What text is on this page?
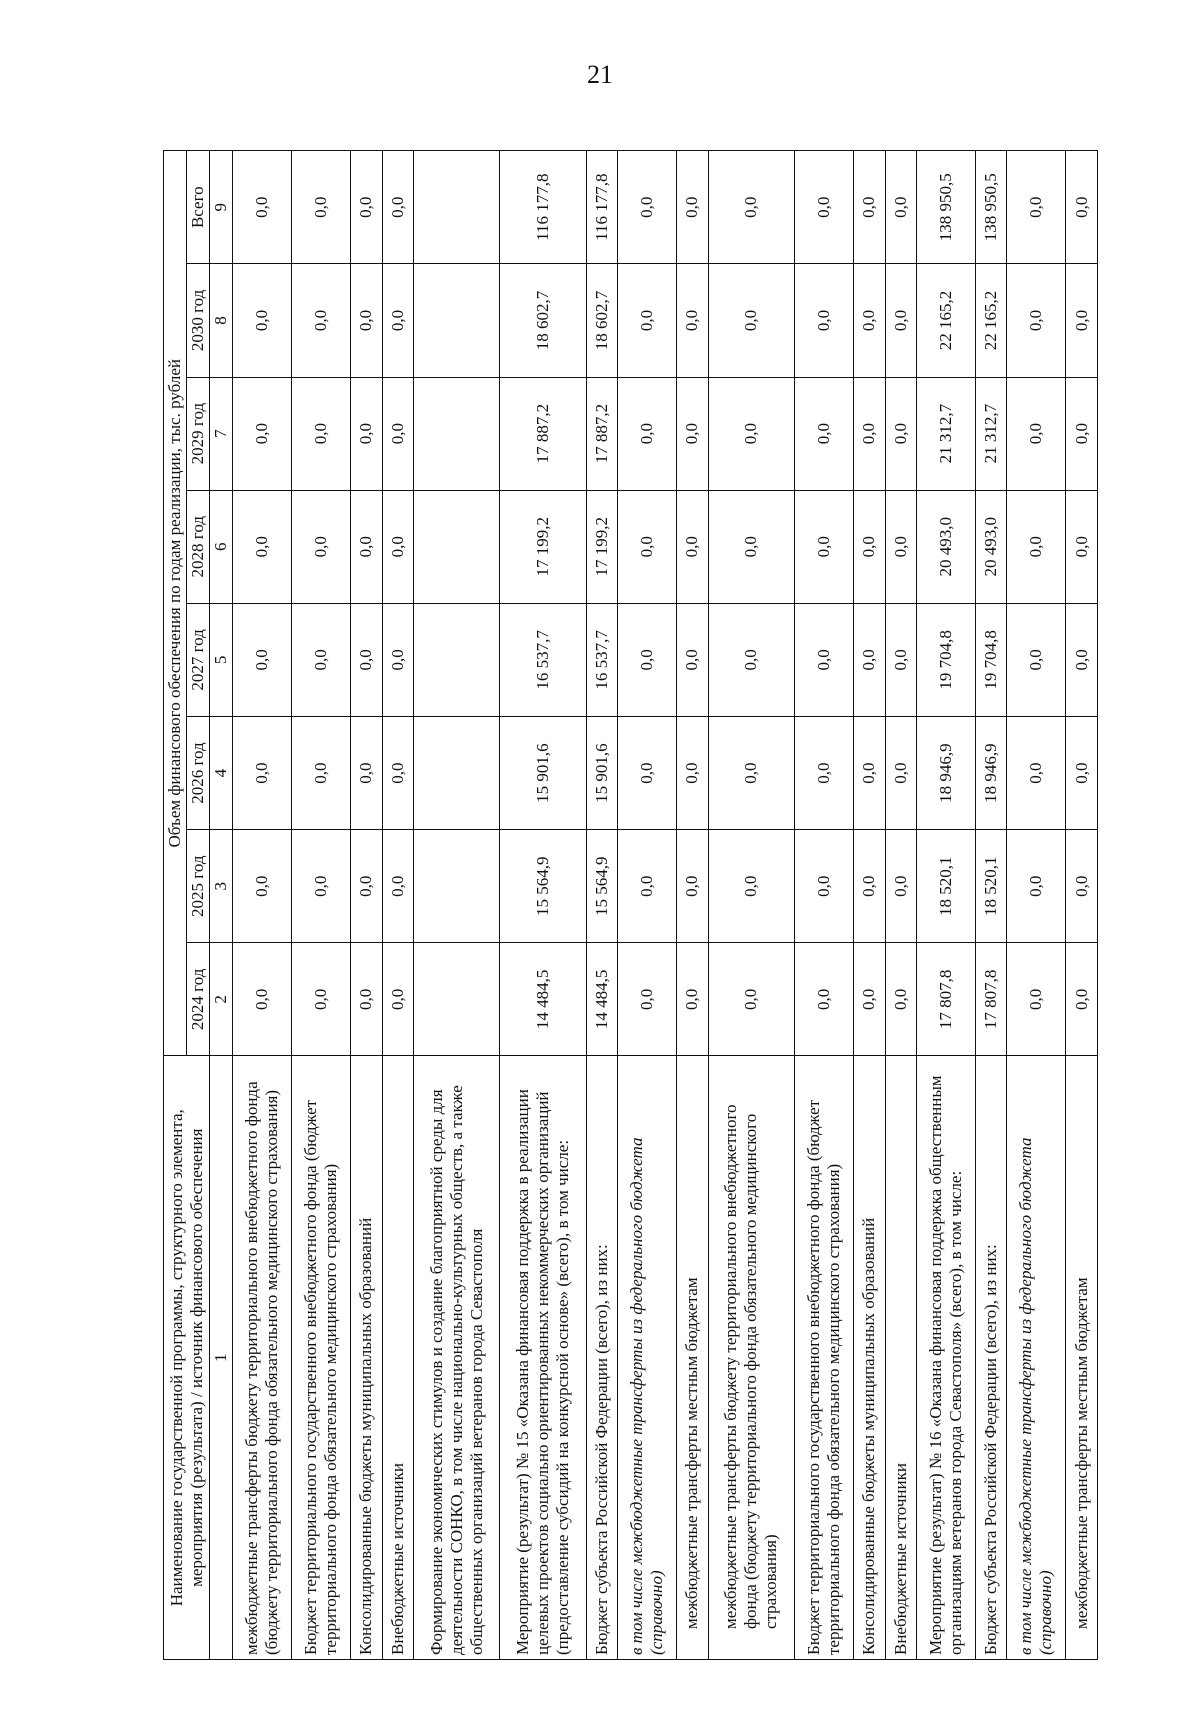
21
Наименование государственной программы, структурного элемента, мероприятия (результата) / источник финансового обеспечения	Объем финансового обеспечения по годам реализации, тыс. рублей							
	2024 год	2025 год	2026 год	2027 год	2028 год	2029 год	2030 год	Всего
1	2	3	4	5	6	7	8	9
межбюджетные трансферты бюджету территориального внебюджетного фонда (бюджету территориального фонда обязательного медицинского страхования)	0,0	0,0	0,0	0,0	0,0	0,0	0,0	0,0
Бюджет территориального государственного внебюджетного фонда (бюджет территориального фонда обязательного медицинского страхования)	0,0	0,0	0,0	0,0	0,0	0,0	0,0	0,0
Консолидированные бюджеты муниципальных образований	0,0	0,0	0,0	0,0	0,0	0,0	0,0	0,0
Внебюджетные источники	0,0	0,0	0,0	0,0	0,0	0,0	0,0	0,0
Формирование экономических стимулов и создание благоприятной среды для деятельности СОНКО, в том числе национально-культурных обществ, а также общественных организаций ветеранов города Севастополя								
Мероприятие (результат) № 15 «Оказана финансовая поддержка в реализации целевых проектов социально ориентированных некоммерческих организаций (предоставление субсидий на конкурсной основе» (всего), в том числе:	14 484,5	15 564,9	15 901,6	16 537,7	17 199,2	17 887,2	18 602,7	116 177,8
Бюджет субъекта Российской Федерации (всего), из них:	14 484,5	15 564,9	15 901,6	16 537,7	17 199,2	17 887,2	18 602,7	116 177,8
в том числе межбюджетные трансферты из федерального бюджета (справочно)	0,0	0,0	0,0	0,0	0,0	0,0	0,0	0,0
межбюджетные трансферты местным бюджетам	0,0	0,0	0,0	0,0	0,0	0,0	0,0	0,0
межбюджетные трансферты бюджету территориального внебюджетного фонда (бюджету территориального фонда обязательного медицинского страхования)	0,0	0,0	0,0	0,0	0,0	0,0	0,0	0,0
Бюджет территориального государственного внебюджетного фонда (бюджет территориального фонда обязательного медицинского страхования)	0,0	0,0	0,0	0,0	0,0	0,0	0,0	0,0
Консолидированные бюджеты муниципальных образований	0,0	0,0	0,0	0,0	0,0	0,0	0,0	0,0
Внебюджетные источники	0,0	0,0	0,0	0,0	0,0	0,0	0,0	0,0
Мероприятие (результат) № 16 «Оказана финансовая поддержка общественным организациям ветеранов города Севастополя» (всего), в том числе:	17 807,8	18 520,1	18 946,9	19 704,8	20 493,0	21 312,7	22 165,2	138 950,5
Бюджет субъекта Российской Федерации (всего), из них:	17 807,8	18 520,1	18 946,9	19 704,8	20 493,0	21 312,7	22 165,2	138 950,5
в том числе межбюджетные трансферты из федерального бюджета (справочно)	0,0	0,0	0,0	0,0	0,0	0,0	0,0	0,0
межбюджетные трансферты местным бюджетам	0,0	0,0	0,0	0,0	0,0	0,0	0,0	0,0
